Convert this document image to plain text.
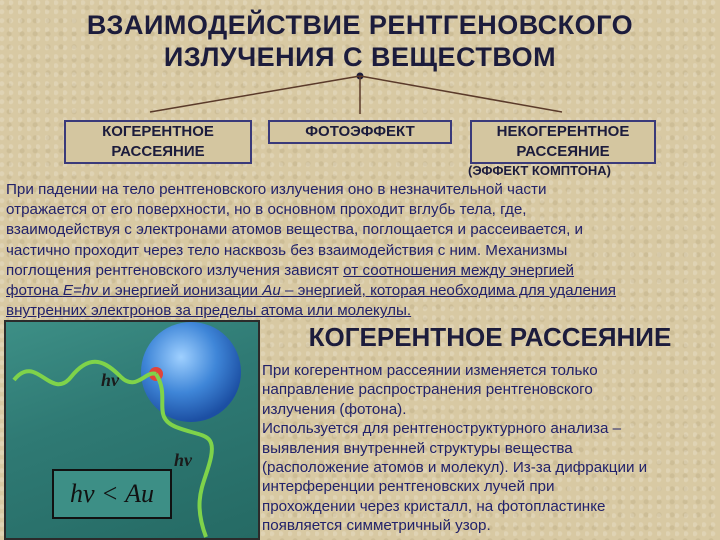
ВЗАИМОДЕЙСТВИЕ РЕНТГЕНОВСКОГО
ИЗЛУЧЕНИЯ С ВЕЩЕСТВОМ
КОГЕРЕНТНОЕ
РАССЕЯНИЕ
ФОТОЭФФЕКТ	НЕКОГЕРЕНТНОЕ
РАССЕЯНИЕ
(ЭФФЕКТ КОМПТОНА)
При падении на тело рентгеновского излучения оно в незначительной части
отражается от его поверхности, но в основном проходит вглубь тела, где,
взаимодействуя с электронами атомов вещества, поглощается и рассеивается, и
частично проходит через тело насквозь без взаимодействия с ним. Механизмы
поглощения рентгеновского излучения зависят от соотношения между энергией
фотона E=hν и энергией ионизации Aи – энергией, которая необходима для удаления
внутренних электронов за пределы атома или молекулы.
hν
hν
hν < Aи
КОГЕРЕНТНОЕ РАССЕЯНИЕ
При когерентном рассеянии изменяется только
направление распространения рентгеновского
излучения (фотона).
Используется для рентгеноструктурного анализа –
выявления внутренней структуры вещества
(расположение атомов и молекул). Из-за дифракции и
интерференции рентгеновских лучей при
прохождении через кристалл, на фотопластинке
появляется симметричный узор.
